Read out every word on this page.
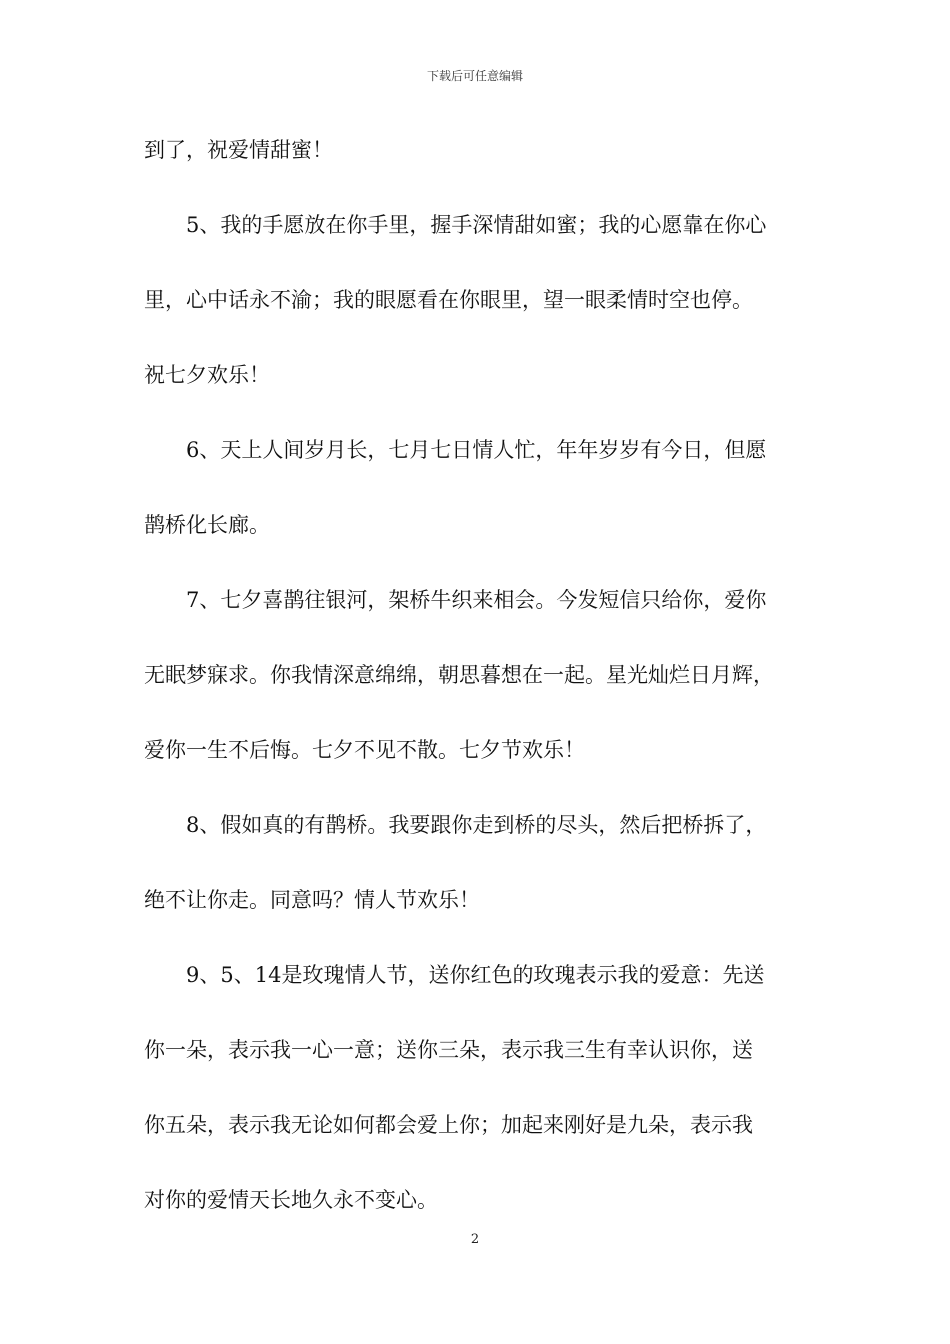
下载后可任意编辑
到了，祝爱情甜蜜！
5、我的手愿放在你手里，握手深情甜如蜜；我的心愿靠在你心
里，心中话永不渝；我的眼愿看在你眼里，望一眼柔情时空也停。
祝七夕欢乐！
6、天上人间岁月长，七月七日情人忙，年年岁岁有今日，但愿
鹊桥化长廊。
7、七夕喜鹊往银河，架桥牛织来相会。今发短信只给你，爱你
无眠梦寐求。你我情深意绵绵，朝思暮想在一起。星光灿烂日月辉，
爱你一生不后悔。七夕不见不散。七夕节欢乐！
8、假如真的有鹊桥。我要跟你走到桥的尽头，然后把桥拆了，
绝不让你走。同意吗？情人节欢乐！
9、5、14是玫瑰情人节，送你红色的玫瑰表示我的爱意：先送
你一朵，表示我一心一意；送你三朵，表示我三生有幸认识你，送
你五朵，表示我无论如何都会爱上你；加起来刚好是九朵，表示我
对你的爱情天长地久永不变心。
2
